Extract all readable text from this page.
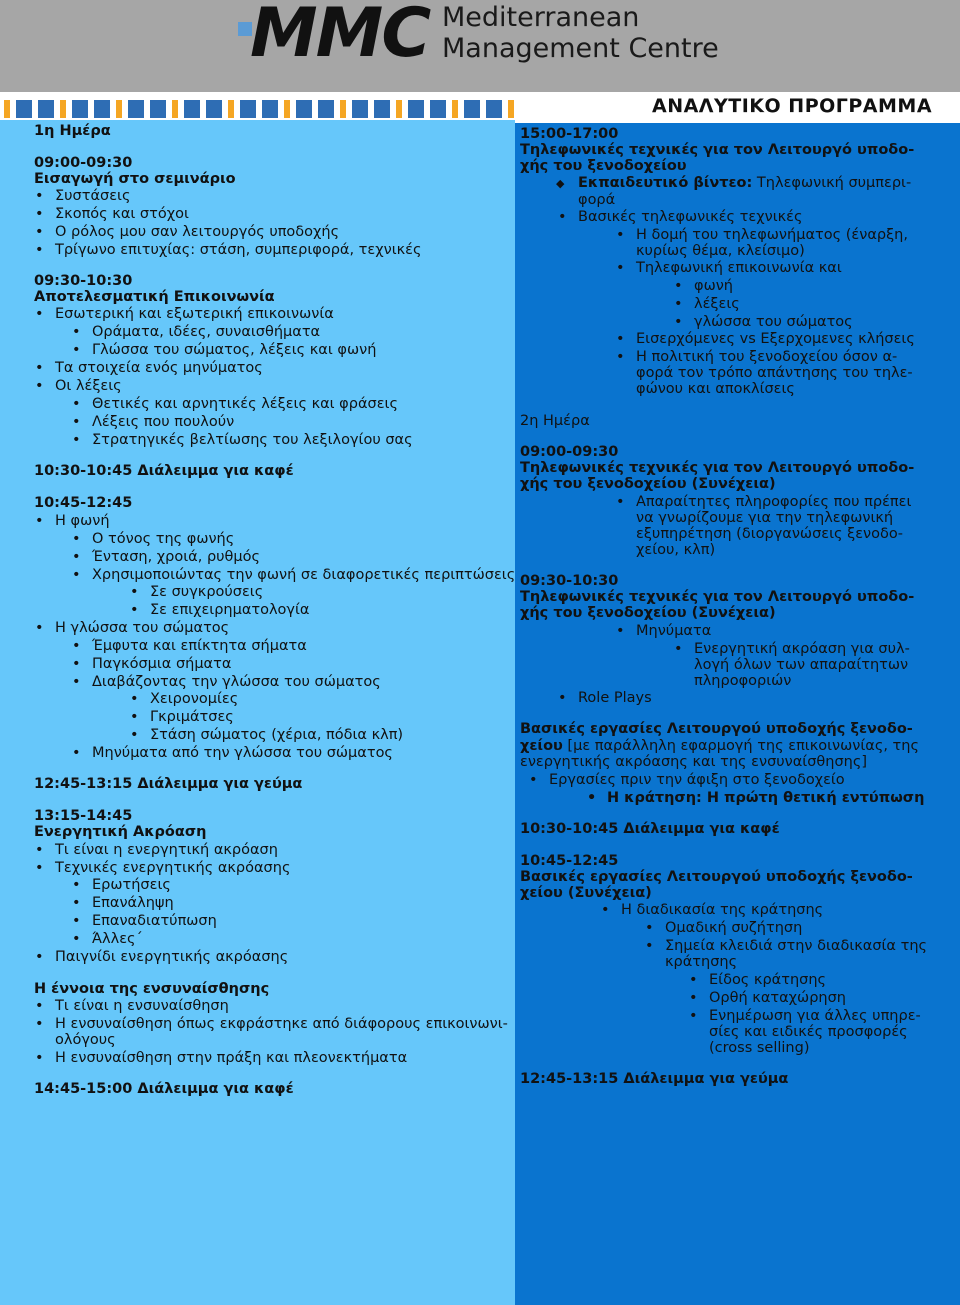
MMC Mediterranean
Management Centre
ΑΝΑΛΥΤΙΚΟ ΠΡΟΓΡΑΜΜΑ
1η Ημέρα
09:00-09:30
Εισαγωγή στο σεμινάριο
• Συστάσεις
• Σκοπός και στόχοι
• Ο ρόλος μου σαν λειτουργός υποδοχής
• Τρίγωνο επιτυχίας: στάση, συμπεριφορά, τεχνικές
09:30-10:30
Αποτελεσματική Επικοινωνία
• Εσωτερική και εξωτερική επικοινωνία
• Οράματα, ιδέες, συναισθήματα
• Γλώσσα του σώματος, λέξεις και φωνή
• Τα στοιχεία ενός μηνύματος
• Οι λέξεις
• Θετικές και αρνητικές λέξεις και φράσεις
• Λέξεις που πουλούν
• Στρατηγικές βελτίωσης του λεξιλογίου σας
10:30-10:45 Διάλειμμα για καφέ
10:45-12:45
• Η φωνή
• Ο τόνος της φωνής
• Ένταση, χροιά, ρυθμός
• Χρησιμοποιώντας την φωνή σε διαφορετικές περιπτώσεις
• Σε συγκρούσεις
• Σε επιχειρηματολογία
• Η γλώσσα του σώματος
• Έμφυτα και επίκτητα σήματα
• Παγκόσμια σήματα
• Διαβάζοντας την γλώσσα του σώματος
• Χειρονομίες
• Γκριμάτσες
• Στάση σώματος (χέρια, πόδια κλπ)
• Μηνύματα από την γλώσσα του σώματος
12:45-13:15 Διάλειμμα για γεύμα
13:15-14:45
Ενεργητική Ακρόαση
• Τι είναι η ενεργητική ακρόαση
• Τεχνικές ενεργητικής ακρόασης
• Ερωτήσεις
• Επανάληψη
• Επαναδιατύπωση
• Άλλες΄
• Παιγνίδι ενεργητικής ακρόασης
Η έννοια της ενσυναίσθησης
• Τι είναι η ενσυναίσθηση
• Η ενσυναίσθηση όπως εκφράστηκε από διάφορους επικοινωνι-
ολόγους
• Η ενσυναίσθηση στην πράξη και πλεονεκτήματα
14:45-15:00 Διάλειμμα για καφέ
15:00-17:00
Τηλεφωνικές τεχνικές για τον Λειτουργό υποδο-
χής του ξενοδοχείου
◆ Εκπαιδευτικό βίντεο: Τηλεφωνική συμπερι-
φορά
• Βασικές τηλεφωνικές τεχνικές
• Η δομή του τηλεφωνήματος (έναρξη,
κυρίως θέμα, κλείσιμο)
• Τηλεφωνική επικοινωνία και
• φωνή
• λέξεις
• γλώσσα του σώματος
• Εισερχόμενες vs Εξερχομενες κλήσεις
• Η πολιτική του ξενοδοχείου όσον α-
φορά τον τρόπο απάντησης του τηλε-
φώνου και αποκλίσεις
2η Ημέρα
09:00-09:30
Τηλεφωνικές τεχνικές για τον Λειτουργό υποδο-
χής του ξενοδοχείου (Συνέχεια)
• Απαραίτητες πληροφορίες που πρέπει
να γνωρίζουμε για την τηλεφωνική
εξυπηρέτηση (διοργανώσεις ξενοδο-
χείου, κλπ)
09:30-10:30
Τηλεφωνικές τεχνικές για τον Λειτουργό υποδο-
χής του ξενοδοχείου (Συνέχεια)
• Μηνύματα
• Ενεργητική ακρόαση για συλ-
λογή όλων των απαραίτητων
πληροφοριών
• Role Plays
Βασικές εργασίες Λειτουργού υποδοχής ξενοδο-
χείου [με παράλληλη εφαρμογή της επικοινωνίας, της
ενεργητικής ακρόασης και της ενσυναίσθησης]
• Εργασίες πριν την άφιξη στο ξενοδοχείο
• Η κράτηση: Η πρώτη θετική εντύπωση
10:30-10:45 Διάλειμμα για καφέ
10:45-12:45
Βασικές εργασίες Λειτουργού υποδοχής ξενοδο-
χείου (Συνέχεια)
• Η διαδικασία της κράτησης
• Ομαδική συζήτηση
• Σημεία κλειδιά στην διαδικασία της
κράτησης
• Είδος κράτησης
• Ορθή καταχώρηση
• Ενημέρωση για άλλες υπηρε-
σίες και ειδικές προσφορές
(cross selling)
12:45-13:15 Διάλειμμα για γεύμα
